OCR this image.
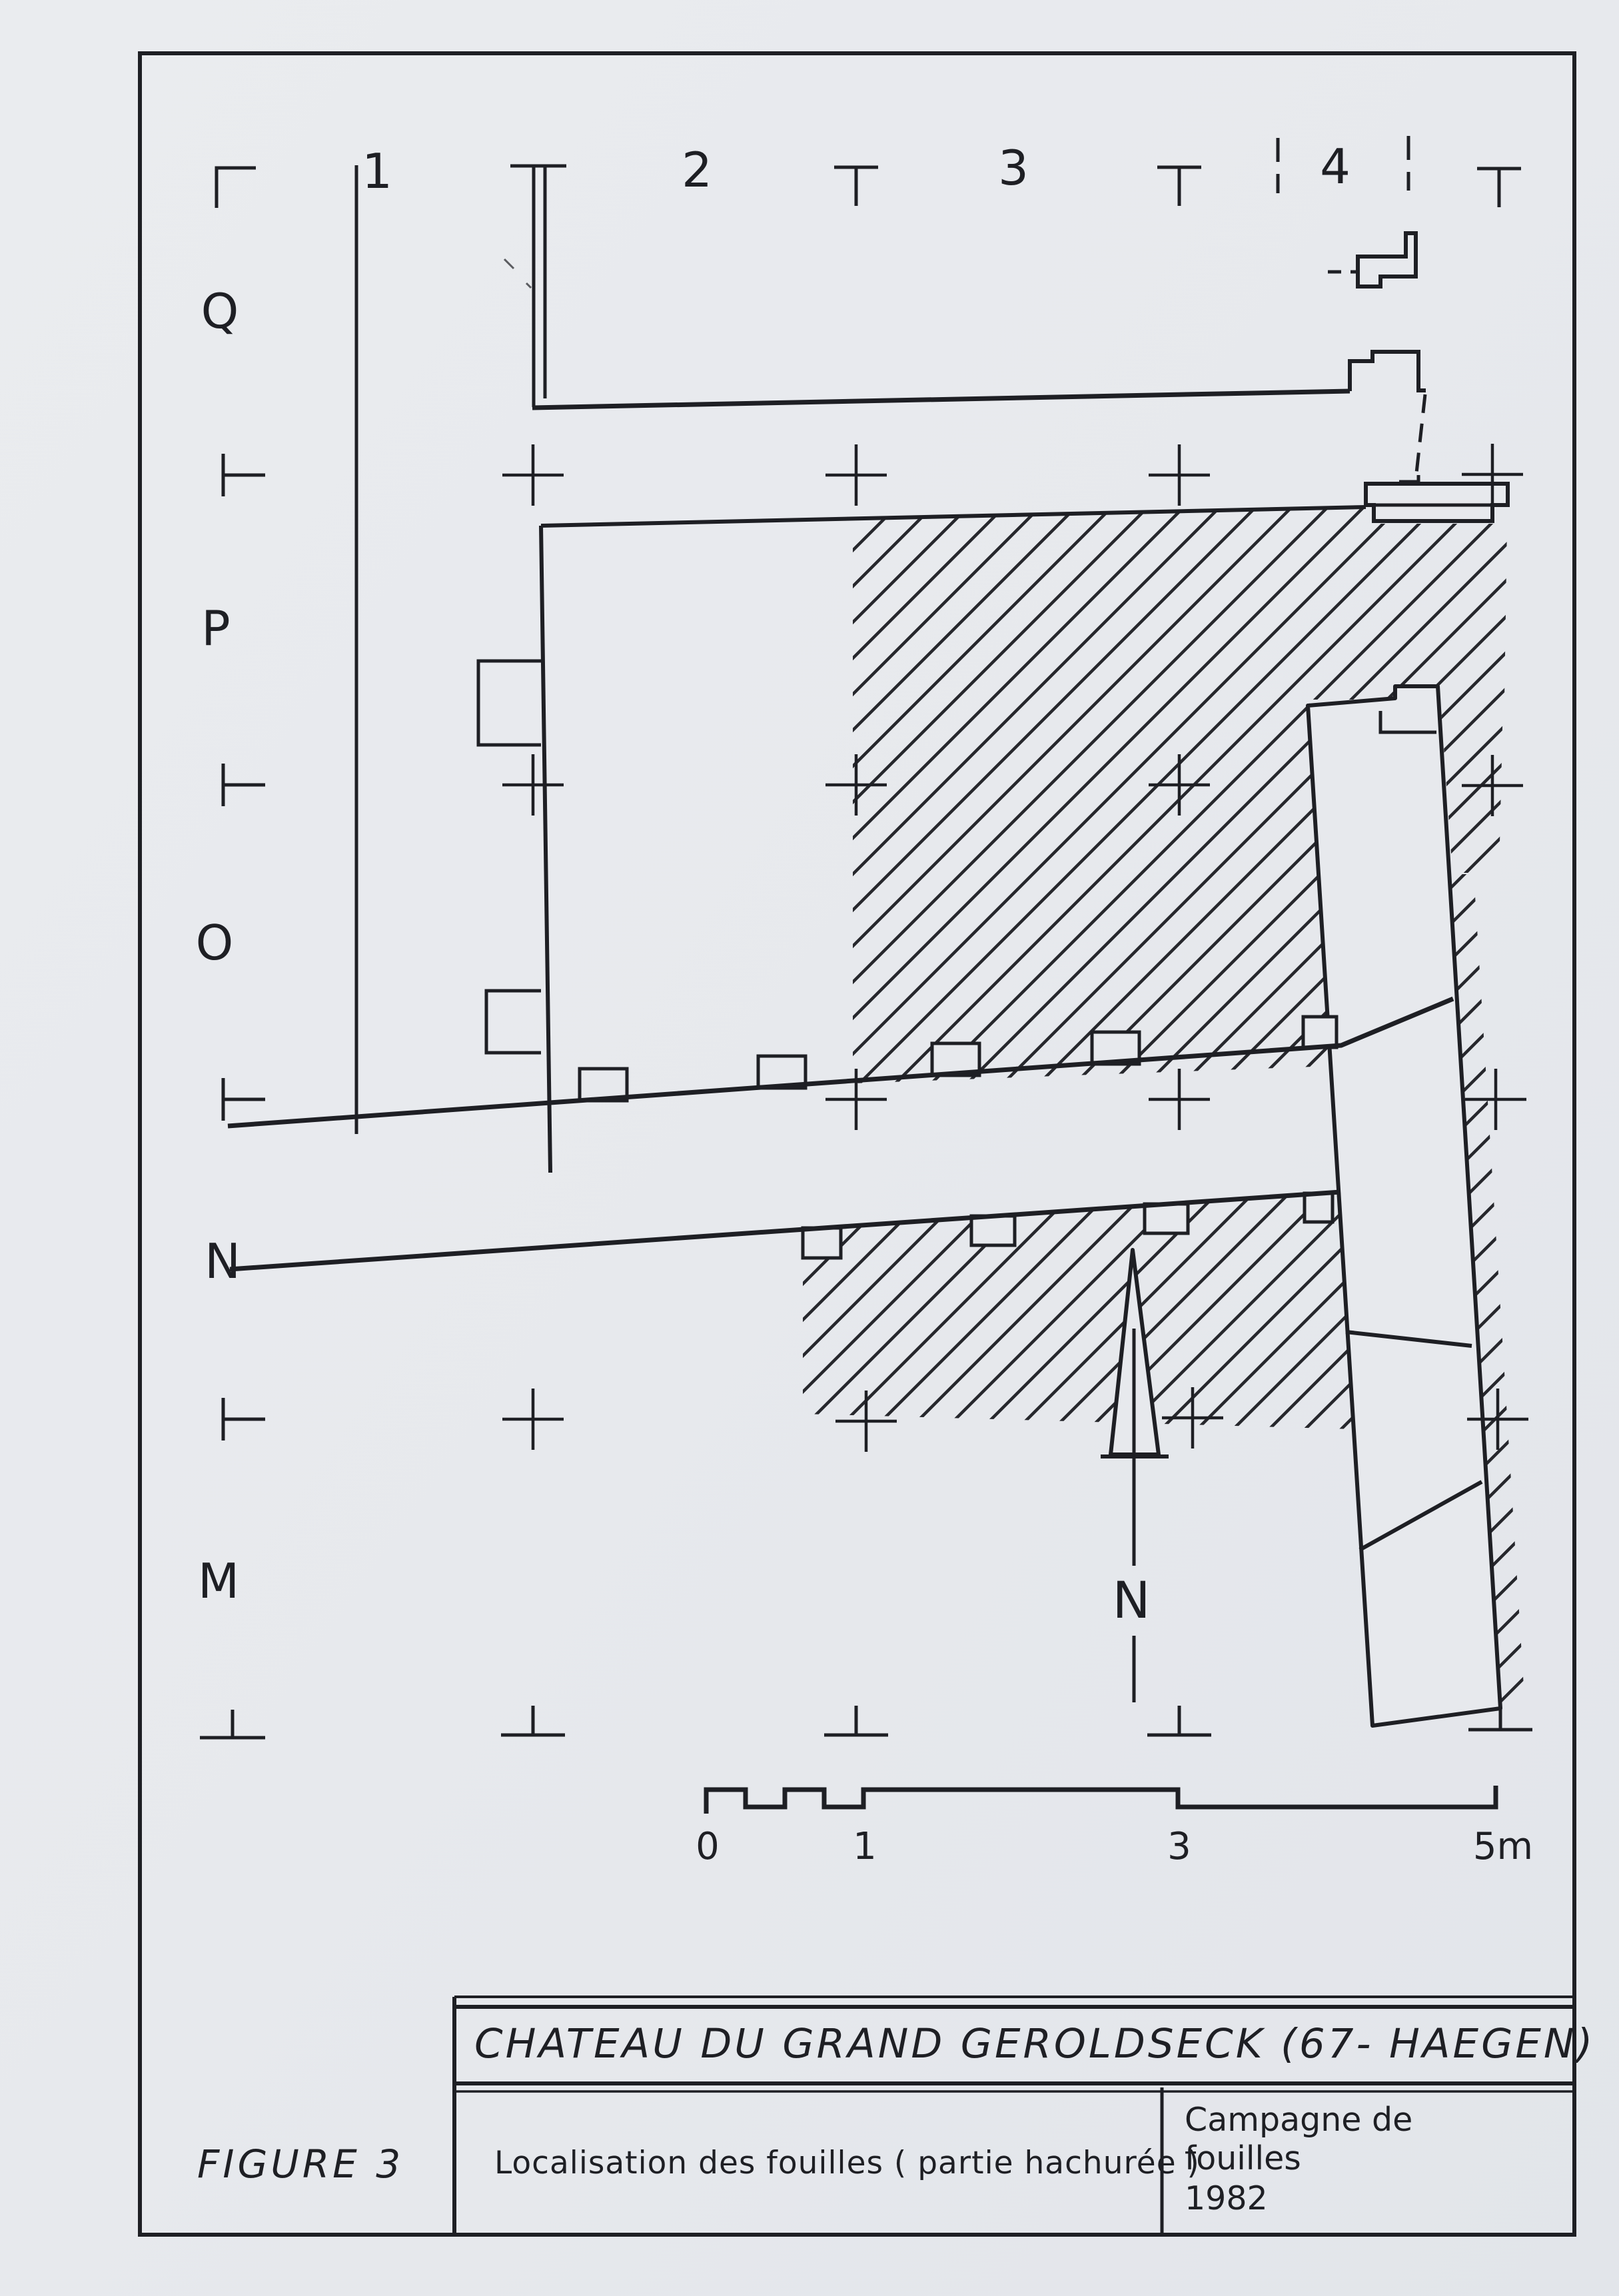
N
0	1	3	5m
1	2	3	4
Q
P
O
N
M
CHATEAU DU GRAND GEROLDSECK (67- HAEGEN)
Localisation des fouilles ( partie hachurée )
Campagne de
fouilles
1982
FIGURE 3
